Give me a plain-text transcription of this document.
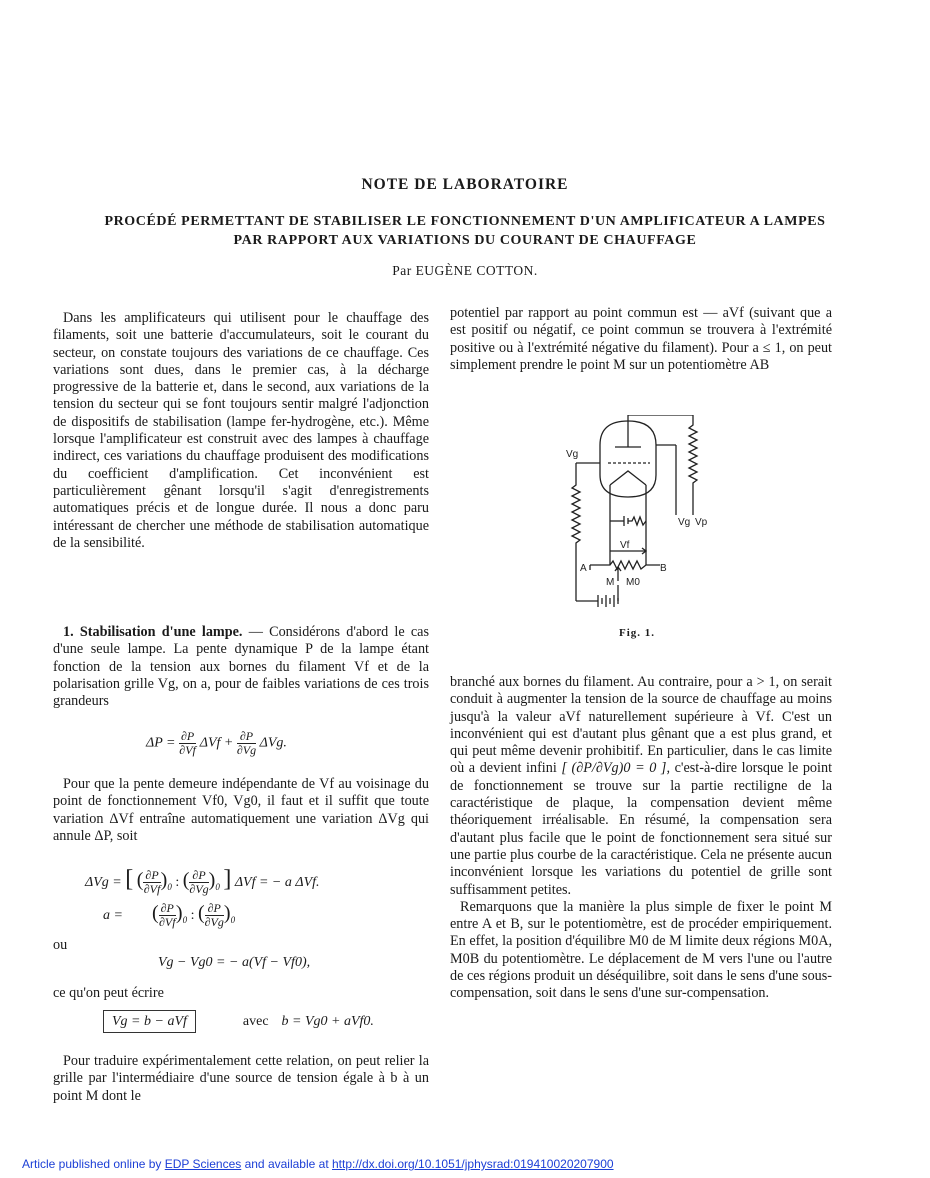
NOTE DE LABORATOIRE
PROCÉDÉ PERMETTANT DE STABILISER LE FONCTIONNEMENT D'UN AMPLIFICATEUR A LAMPES
PAR RAPPORT AUX VARIATIONS DU COURANT DE CHAUFFAGE
Par EUGÈNE COTTON.

Dans les amplificateurs qui utilisent pour le chauffage des filaments, soit une batterie d'accumulateurs, soit le courant du secteur, on constate toujours des variations de ce chauffage. Ces variations sont dues, dans le premier cas, à la décharge progressive de la batterie et, dans le second, aux variations de la tension du secteur qui se font toujours sentir malgré l'adjonction de dispositifs de stabilisation (lampe fer-hydrogène, etc.). Même lorsque l'amplificateur est construit avec des lampes à chauffage indirect, ces variations du chauffage produisent des modifications du coefficient d'amplification. Cet inconvénient est particulièrement gênant lorsqu'il s'agit d'enregistrements automatiques précis et de longue durée. Il nous a donc paru intéressant de chercher une méthode de stabilisation automatique de la sensibilité.

1. Stabilisation d'une lampe. — Considérons d'abord le cas d'une seule lampe. La pente dynamique P de la lampe étant fonction de la tension aux bornes du filament Vf et de la polarisation grille Vg, on a, pour de faibles variations de ces trois grandeurs

$\Delta P = \frac{\partial P}{\partial Vf}$ $\Delta Vf + \frac{\partial P}{\partial Vg} \Delta Vg$.

Pour que la pente demeure indépendante de Vf au voisinage du point de fonctionnement Vf0, Vg0, il faut et il suffit que toute variation ΔVf entraîne automatiquement une variation ΔVg qui annule ΔP, soit

ΔVg = [ ( $\frac{\partial P}{\partial Vf} )_0$ : ( $\frac{\partial P}{\partial Vg} )_0$ ] ΔVf = − a ΔVf.
a = ( $\frac{\partial P}{\partial Vf} )_0$ : ( $\frac{\partial P}{\partial Vg} )_0$
ou
Vg − Vg0 = − a(Vf − Vf0),
ce qu'on peut écrire
Vg = b − aVf	avec b = Vg0 + aVf0.

Pour traduire expérimentalement cette relation, on peut relier la grille par l'intermédiaire d'une source de tension égale à b à un point M dont le

potentiel par rapport au point commun est — aVf (suivant que a est positif ou négatif, ce point commun se trouvera à l'extrémité positive ou à l'extrémité négative du filament). Pour a ≤ 1, on peut simplement prendre le point M sur un potentiomètre AB

Vg
Vf
Vg Vp
A	B
M M0
Fig. 1.

branché aux bornes du filament. Au contraire, pour a > 1, on serait conduit à augmenter la tension de la source de chauffage au moins jusqu'à la valeur aVf naturellement supérieure à Vf. C'est un inconvénient qui est d'autant plus gênant que a est plus grand, et qui peut même devenir prohibitif. En particulier, dans le cas limite où a devient infini [ (∂P/∂Vg)0 = 0 ], c'est-à-dire lorsque le point de fonctionnement se trouve sur la partie rectiligne de la caractéristique de plaque, la compensation devient même théoriquement irréalisable. En résumé, la compensation sera d'autant plus facile que le point de fonctionnement sera situé sur une partie plus courbe de la caractéristique. Cela ne présente aucun inconvénient lorsque les variations du potentiel de grille sont suffisamment petites.

Remarquons que la manière la plus simple de fixer le point M entre A et B, sur le potentiomètre, est de procéder empiriquement. En effet, la position d'équilibre M0 de M limite deux régions M0A, M0B du potentiomètre. Le déplacement de M vers l'une ou l'autre de ces régions produit un déséquilibre, soit dans le sens d'une sous-compensation, soit dans le sens d'une sur-compensation.

Article published online by EDP Sciences and available at http://dx.doi.org/10.1051/jphysrad:019410020207900
